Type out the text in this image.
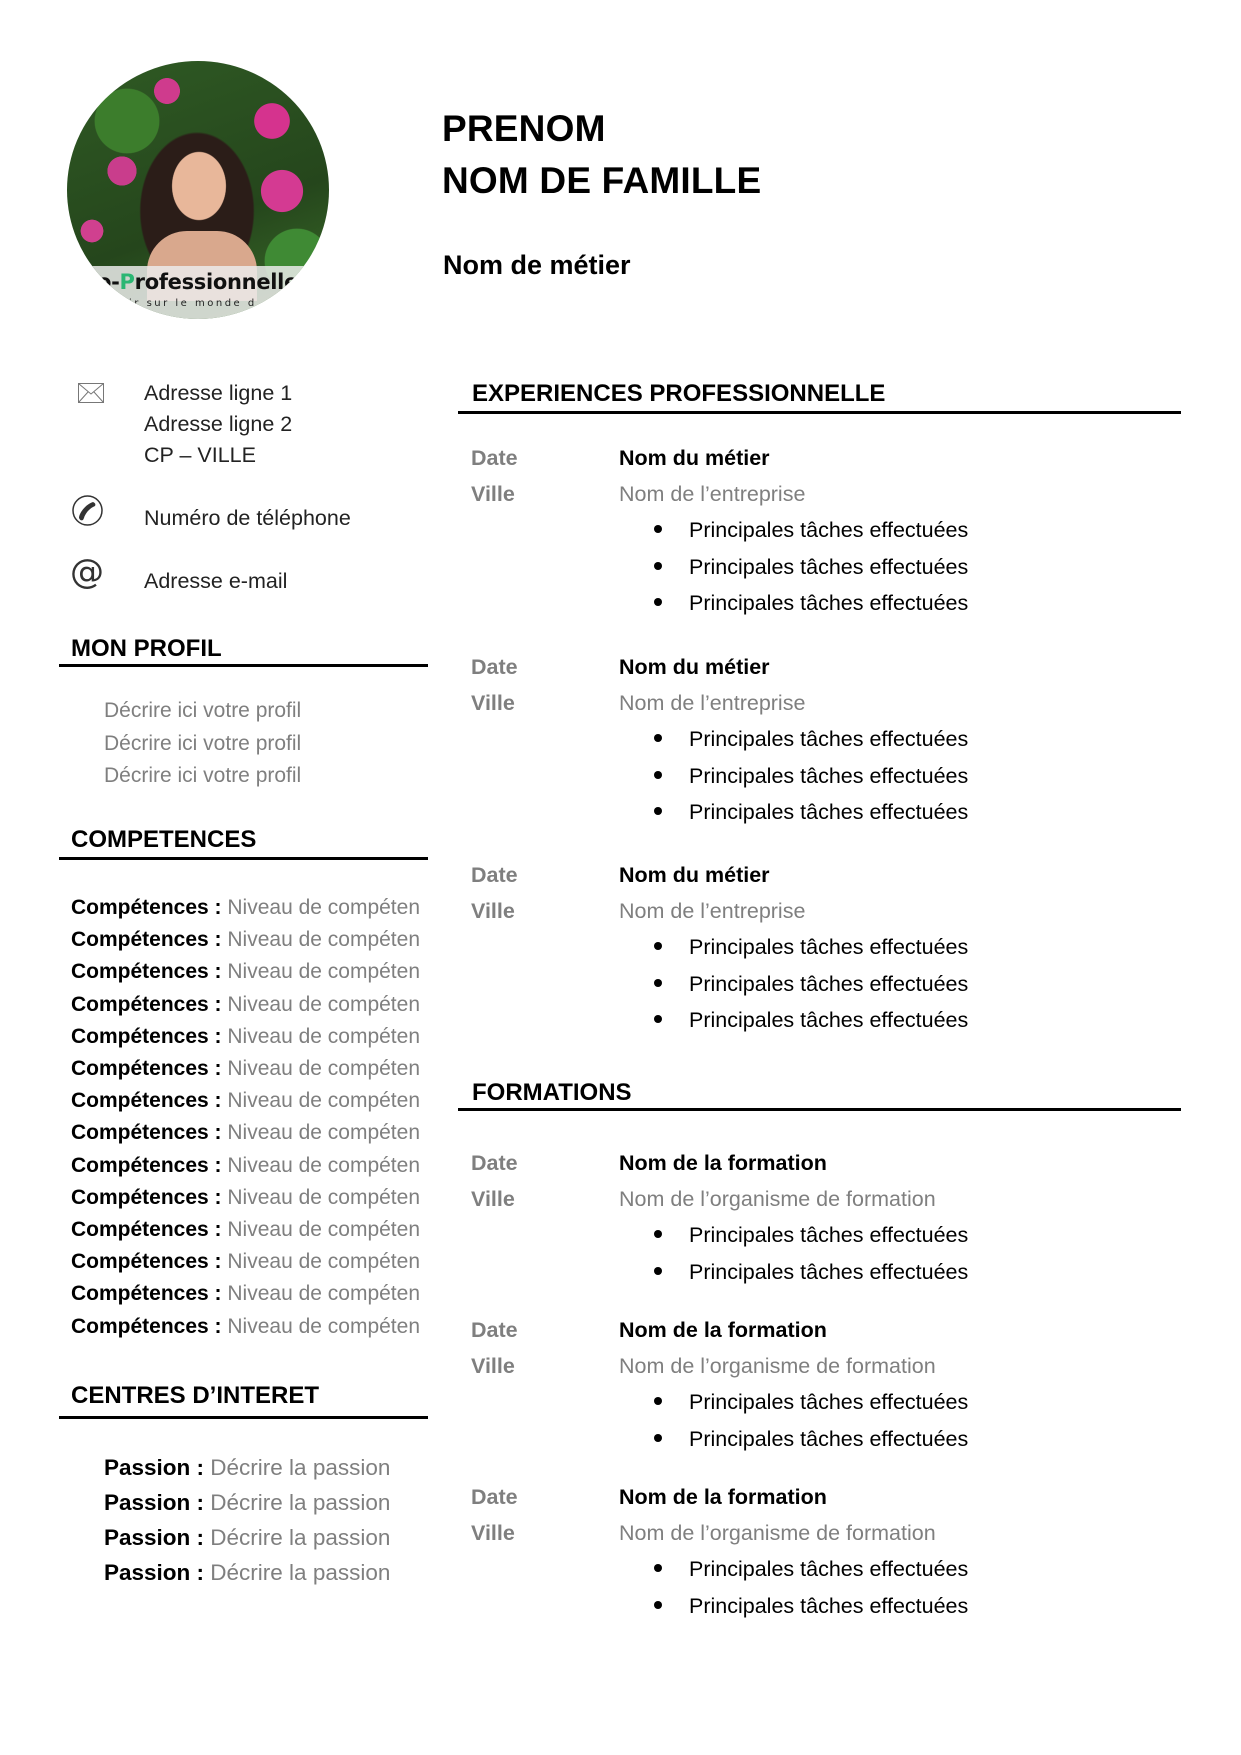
o-Professionnelle
ir sur le monde d
PRENOM
NOM DE FAMILLE
Nom de métier
Adresse ligne 1
Adresse ligne 2
CP – VILLE
Numéro de téléphone
@ Adresse e-mail
MON PROFIL
Décrire ici votre profil
Décrire ici votre profil
Décrire ici votre profil
COMPETENCES
Compétences : Niveau de compéten
Compétences : Niveau de compéten
Compétences : Niveau de compéten
Compétences : Niveau de compéten
Compétences : Niveau de compéten
Compétences : Niveau de compéten
Compétences : Niveau de compéten
Compétences : Niveau de compéten
Compétences : Niveau de compéten
Compétences : Niveau de compéten
Compétences : Niveau de compéten
Compétences : Niveau de compéten
Compétences : Niveau de compéten
Compétences : Niveau de compéten
CENTRES D’INTERET
Passion : Décrire la passion
Passion : Décrire la passion
Passion : Décrire la passion
Passion : Décrire la passion
EXPERIENCES PROFESSIONNELLE
Date	Nom du métier
Ville	Nom de l’entreprise
Principales tâches effectuées
Principales tâches effectuées
Principales tâches effectuées
Date	Nom du métier
Ville	Nom de l’entreprise
Principales tâches effectuées
Principales tâches effectuées
Principales tâches effectuées
Date	Nom du métier
Ville	Nom de l’entreprise
Principales tâches effectuées
Principales tâches effectuées
Principales tâches effectuées
FORMATIONS
Date	Nom de la formation
Ville	Nom de l’organisme de formation
Principales tâches effectuées
Principales tâches effectuées
Date	Nom de la formation
Ville	Nom de l’organisme de formation
Principales tâches effectuées
Principales tâches effectuées
Date	Nom de la formation
Ville	Nom de l’organisme de formation
Principales tâches effectuées
Principales tâches effectuées
